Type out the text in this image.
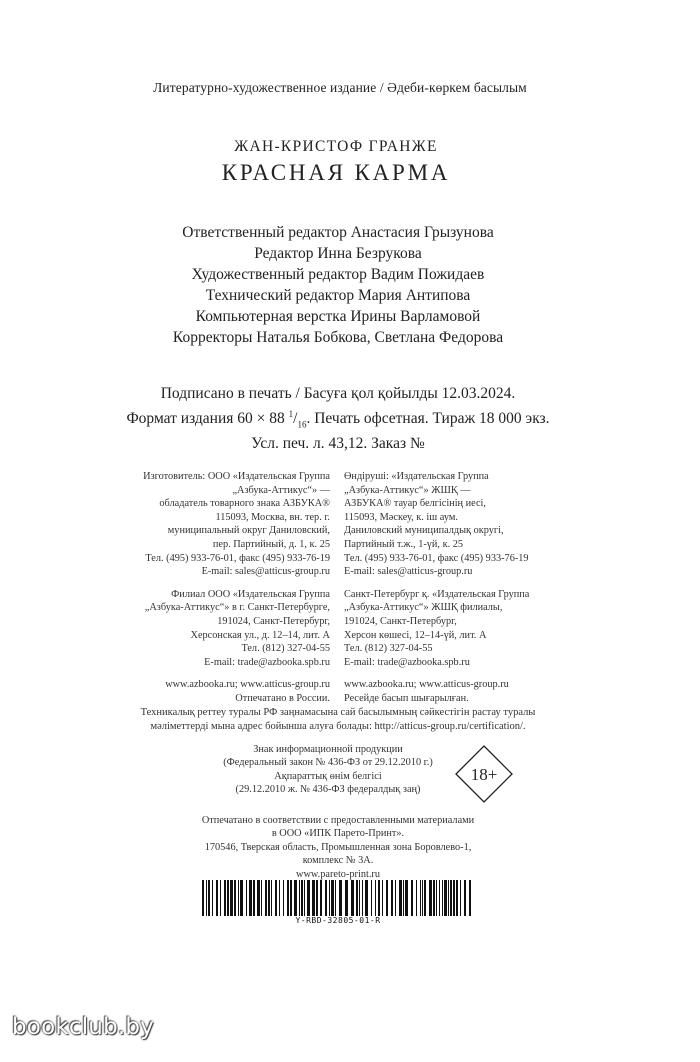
Литературно-художественное издание / Әдеби-көркем басылым
ЖАН-КРИСТОФ ГРАНЖЕ
КРАСНАЯ КАРМА
Ответственный редактор Анастасия Грызунова
Редактор Инна Безрукова
Художественный редактор Вадим Пожидаев
Технический редактор Мария Антипова
Компьютерная верстка Ирины Варламовой
Корректоры Наталья Бобкова, Светлана Федорова
Подписано в печать / Басуға қол қойылды 12.03.2024.
Формат издания 60 × 88 $^1/_{16}$. Печать офсетная. Тираж 18 000 экз.
Усл. печ. л. 43,12. Заказ №
Изготовитель: ООО «Издательская Группа
„Азбука-Аттикус“» —
обладатель товарного знака АЗБУКА®
115093, Москва, вн. тер. г.
муниципальный округ Даниловский,
пер. Партийный, д. 1, к. 25
Тел. (495) 933-76-01, факс (495) 933-76-19
E-mail: sales@atticus-group.ru
Филиал ООО «Издательская Группа
„Азбука-Аттикус“» в г. Санкт-Петербурге,
191024, Санкт-Петербург,
Херсонская ул., д. 12–14, лит. А
Тел. (812) 327-04-55
E-mail: trade@azbooka.spb.ru
www.azbooka.ru; www.atticus-group.ru
Отпечатано в России.
Өндіруші: «Издательская Группа
„Азбука-Аттикус“» ЖШҚ —
АЗБУКА® тауар белгісінің иесі,
115093, Мәскеу, к. іш аум.
Даниловский муниципалдық округі,
Партийный т.ж., 1-үй, к. 25
Тел. (495) 933-76-01, факс (495) 933-76-19
E-mail: sales@atticus-group.ru
Санкт-Петербург қ. «Издательская Группа
„Азбука-Аттикус“» ЖШҚ филиалы,
191024, Санкт-Петербург,
Херсон көшесі, 12–14-үй, лит. А
Тел. (812) 327-04-55
E-mail: trade@azbooka.spb.ru
www.azbooka.ru; www.atticus-group.ru
Ресейде басып шығарылған.
Техникалық реттеу туралы РФ заңнамасына сай басылымның сәйкестігін растау туралы
мәліметтерді мына адрес бойынша алуға болады: http://atticus-group.ru/certification/.
Знак информационной продукции
(Федеральный закон № 436-ФЗ от 29.12.2010 г.)
Ақпараттық өнім белгісі
(29.12.2010 ж. № 436-ФЗ федералдық заң)
18+
Отпечатано в соответствии с предоставленными материалами
в ООО «ИПК Парето-Принт».
170546, Тверская область, Промышленная зона Боровлево-1,
комплекс № 3А.
www.pareto-print.ru
Y-RBD-32805-01-R
bookclub.by
